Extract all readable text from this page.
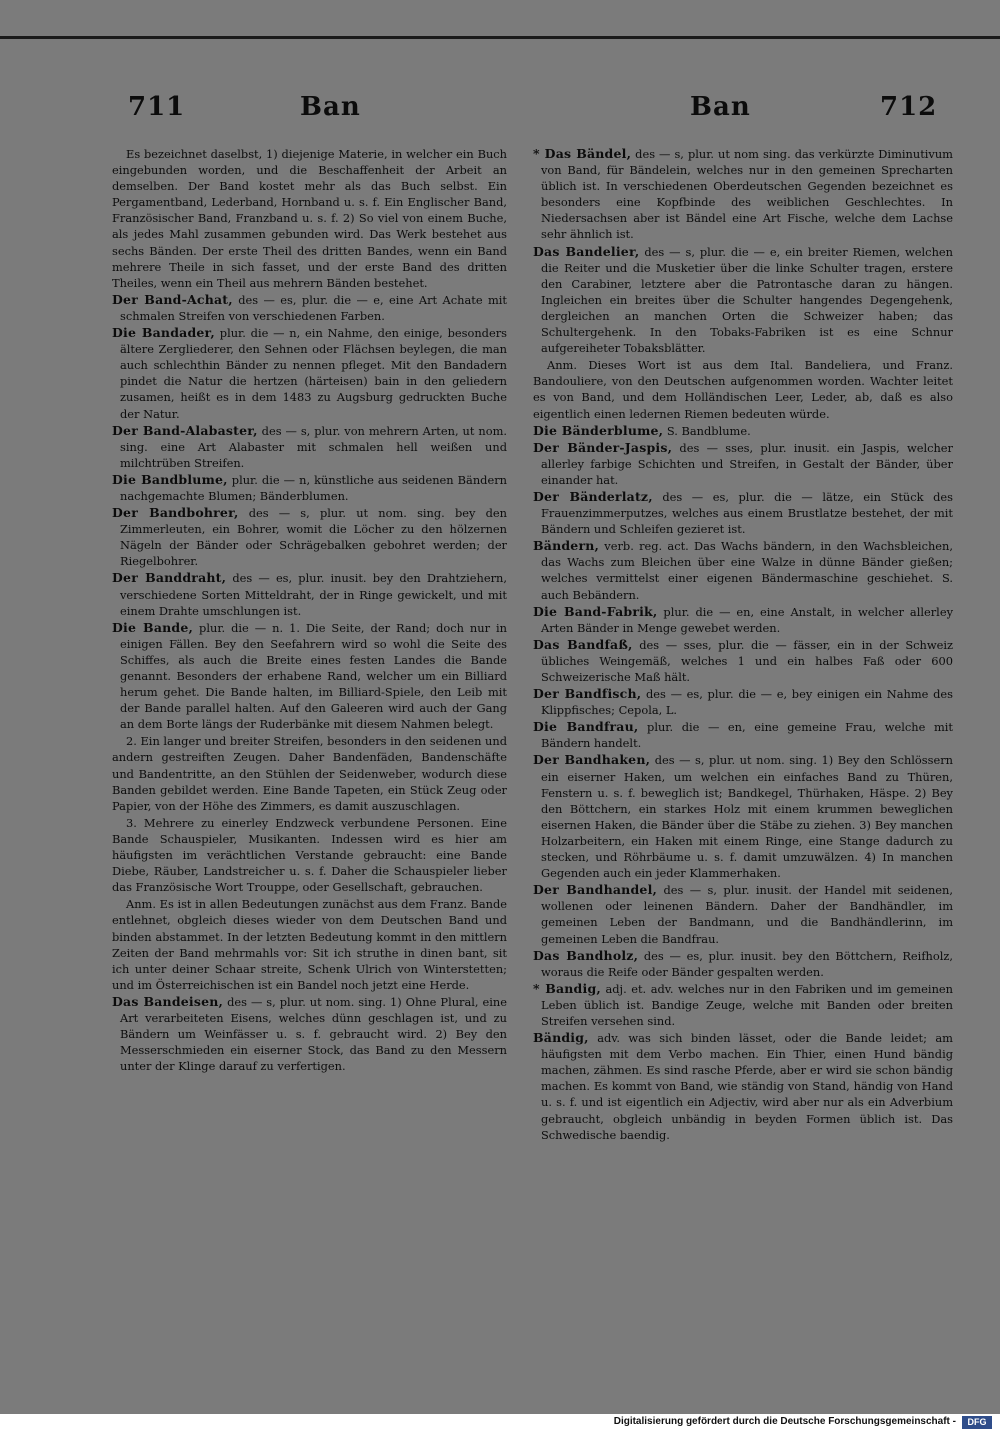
711	Ban	Ban	712

Es bezeichnet daselbst, 1) diejenige Materie, in welcher ein Buch eingebunden worden, und die Beschaffenheit der Arbeit an demselben. Der Band kostet mehr als das Buch selbst. Ein Pergamentband, Lederband, Hornband u. s. f. Ein Englischer Band, Französischer Band, Franzband u. s. f. 2) So viel von einem Buche, als jedes Mahl zusammen gebunden wird. Das Werk bestehet aus sechs Bänden. Der erste Theil des dritten Bandes, wenn ein Band mehrere Theile in sich fasset, und der erste Band des dritten Theiles, wenn ein Theil aus mehrern Bänden bestehet.

Der Band-Achat, des — es, plur. die — e, eine Art Achate mit schmalen Streifen von verschiedenen Farben.

Die Bandader, plur. die — n, ein Nahme, den einige, besonders ältere Zergliederer, den Sehnen oder Flächsen beylegen, die man auch schlechthin Bänder zu nennen pfleget. Mit den Bandadern pindet die Natur die hertzen (härteisen) bain in den geliedern zusamen, heißt es in dem 1483 zu Augsburg gedruckten Buche der Natur.

Der Band-Alabaster, des — s, plur. von mehrern Arten, ut nom. sing. eine Art Alabaster mit schmalen hell weißen und milchtrüben Streifen.

Die Bandblume, plur. die — n, künstliche aus seidenen Bändern nachgemachte Blumen; Bänderblumen.

Der Bandbohrer, des — s, plur. ut nom. sing. bey den Zimmerleuten, ein Bohrer, womit die Löcher zu den hölzernen Nägeln der Bänder oder Schrägebalken gebohret werden; der Riegelbohrer.

Der Banddraht, des — es, plur. inusit. bey den Drahtziehern, verschiedene Sorten Mitteldraht, der in Ringe gewickelt, und mit einem Drahte umschlungen ist.

Die Bande, plur. die — n. 1. Die Seite, der Rand; doch nur in einigen Fällen. Bey den Seefahrern wird so wohl die Seite des Schiffes, als auch die Breite eines festen Landes die Bande genannt. Besonders der erhabene Rand, welcher um ein Billiard herum gehet. Die Bande halten, im Billiard-Spiele, den Leib mit der Bande parallel halten. Auf den Galeeren wird auch der Gang an dem Borte längs der Ruderbänke mit diesem Nahmen belegt.

2. Ein langer und breiter Streifen, besonders in den seidenen und andern gestreiften Zeugen. Daher Bandenfäden, Bandenschäfte und Bandentritte, an den Stühlen der Seidenweber, wodurch diese Banden gebildet werden. Eine Bande Tapeten, ein Stück Zeug oder Papier, von der Höhe des Zimmers, es damit auszuschlagen.

3. Mehrere zu einerley Endzweck verbundene Personen. Eine Bande Schauspieler, Musikanten. Indessen wird es hier am häufigsten im verächtlichen Verstande gebraucht: eine Bande Diebe, Räuber, Landstreicher u. s. f. Daher die Schauspieler lieber das Französische Wort Trouppe, oder Gesellschaft, gebrauchen.

Anm. Es ist in allen Bedeutungen zunächst aus dem Franz. Bande entlehnet, obgleich dieses wieder von dem Deutschen Band und binden abstammet. In der letzten Bedeutung kommt in den mittlern Zeiten der Band mehrmahls vor: Sit ich struthe in dinen bant, sit ich unter deiner Schaar streite, Schenk Ulrich von Winterstetten; und im Österreichischen ist ein Bandel noch jetzt eine Herde.

Das Bandeisen, des — s, plur. ut nom. sing. 1) Ohne Plural, eine Art verarbeiteten Eisens, welches dünn geschlagen ist, und zu Bändern um Weinfässer u. s. f. gebraucht wird. 2) Bey den Messerschmieden ein eiserner Stock, das Band zu den Messern unter der Klinge darauf zu verfertigen.

* Das Bändel, des — s, plur. ut nom sing. das verkürzte Diminutivum von Band, für Bändelein, welches nur in den gemeinen Sprecharten üblich ist. In verschiedenen Oberdeutschen Gegenden bezeichnet es besonders eine Kopfbinde des weiblichen Geschlechtes. In Niedersachsen aber ist Bändel eine Art Fische, welche dem Lachse sehr ähnlich ist.

Das Bandelier, des — s, plur. die — e, ein breiter Riemen, welchen die Reiter und die Musketier über die linke Schulter tragen, erstere den Carabiner, letztere aber die Patrontasche daran zu hängen. Ingleichen ein breites über die Schulter hangendes Degengehenk, dergleichen an manchen Orten die Schweizer haben; das Schultergehenk. In den Tobaks-Fabriken ist es eine Schnur aufgereiheter Tobaksblätter.

Anm. Dieses Wort ist aus dem Ital. Bandeliera, und Franz. Bandouliere, von den Deutschen aufgenommen worden. Wachter leitet es von Band, und dem Holländischen Leer, Leder, ab, daß es also eigentlich einen ledernen Riemen bedeuten würde.

Die Bänderblume, S. Bandblume.

Der Bänder-Jaspis, des — sses, plur. inusit. ein Jaspis, welcher allerley farbige Schichten und Streifen, in Gestalt der Bänder, über einander hat.

Der Bänderlatz, des — es, plur. die — lätze, ein Stück des Frauenzimmerputzes, welches aus einem Brustlatze bestehet, der mit Bändern und Schleifen gezieret ist.

Bändern, verb. reg. act. Das Wachs bändern, in den Wachsbleichen, das Wachs zum Bleichen über eine Walze in dünne Bänder gießen; welches vermittelst einer eigenen Bändermaschine geschiehet. S. auch Bebändern.

Die Band-Fabrik, plur. die — en, eine Anstalt, in welcher allerley Arten Bänder in Menge gewebet werden.

Das Bandfaß, des — sses, plur. die — fässer, ein in der Schweiz übliches Weingemäß, welches 1 und ein halbes Faß oder 600 Schweizerische Maß hält.

Der Bandfisch, des — es, plur. die — e, bey einigen ein Nahme des Klippfisches; Cepola, L.

Die Bandfrau, plur. die — en, eine gemeine Frau, welche mit Bändern handelt.

Der Bandhaken, des — s, plur. ut nom. sing. 1) Bey den Schlössern ein eiserner Haken, um welchen ein einfaches Band zu Thüren, Fenstern u. s. f. beweglich ist; Bandkegel, Thürhaken, Häspe. 2) Bey den Böttchern, ein starkes Holz mit einem krummen beweglichen eisernen Haken, die Bänder über die Stäbe zu ziehen. 3) Bey manchen Holzarbeitern, ein Haken mit einem Ringe, eine Stange dadurch zu stecken, und Röhrbäume u. s. f. damit umzuwälzen. 4) In manchen Gegenden auch ein jeder Klammerhaken.

Der Bandhandel, des — s, plur. inusit. der Handel mit seidenen, wollenen oder leinenen Bändern. Daher der Bandhändler, im gemeinen Leben der Bandmann, und die Bandhändlerinn, im gemeinen Leben die Bandfrau.

Das Bandholz, des — es, plur. inusit. bey den Böttchern, Reifholz, woraus die Reife oder Bänder gespalten werden.

* Bandig, adj. et. adv. welches nur in den Fabriken und im gemeinen Leben üblich ist. Bandige Zeuge, welche mit Banden oder breiten Streifen versehen sind.

Bändig, adv. was sich binden lässet, oder die Bande leidet; am häufigsten mit dem Verbo machen. Ein Thier, einen Hund bändig machen, zähmen. Es sind rasche Pferde, aber er wird sie schon bändig machen. Es kommt von Band, wie ständig von Stand, händig von Hand u. s. f. und ist eigentlich ein Adjectiv, wird aber nur als ein Adverbium gebraucht, obgleich unbändig in beyden Formen üblich ist. Das Schwedische baendig.

Digitalisierung gefördert durch die Deutsche Forschungsgemeinschaft -	DFG
